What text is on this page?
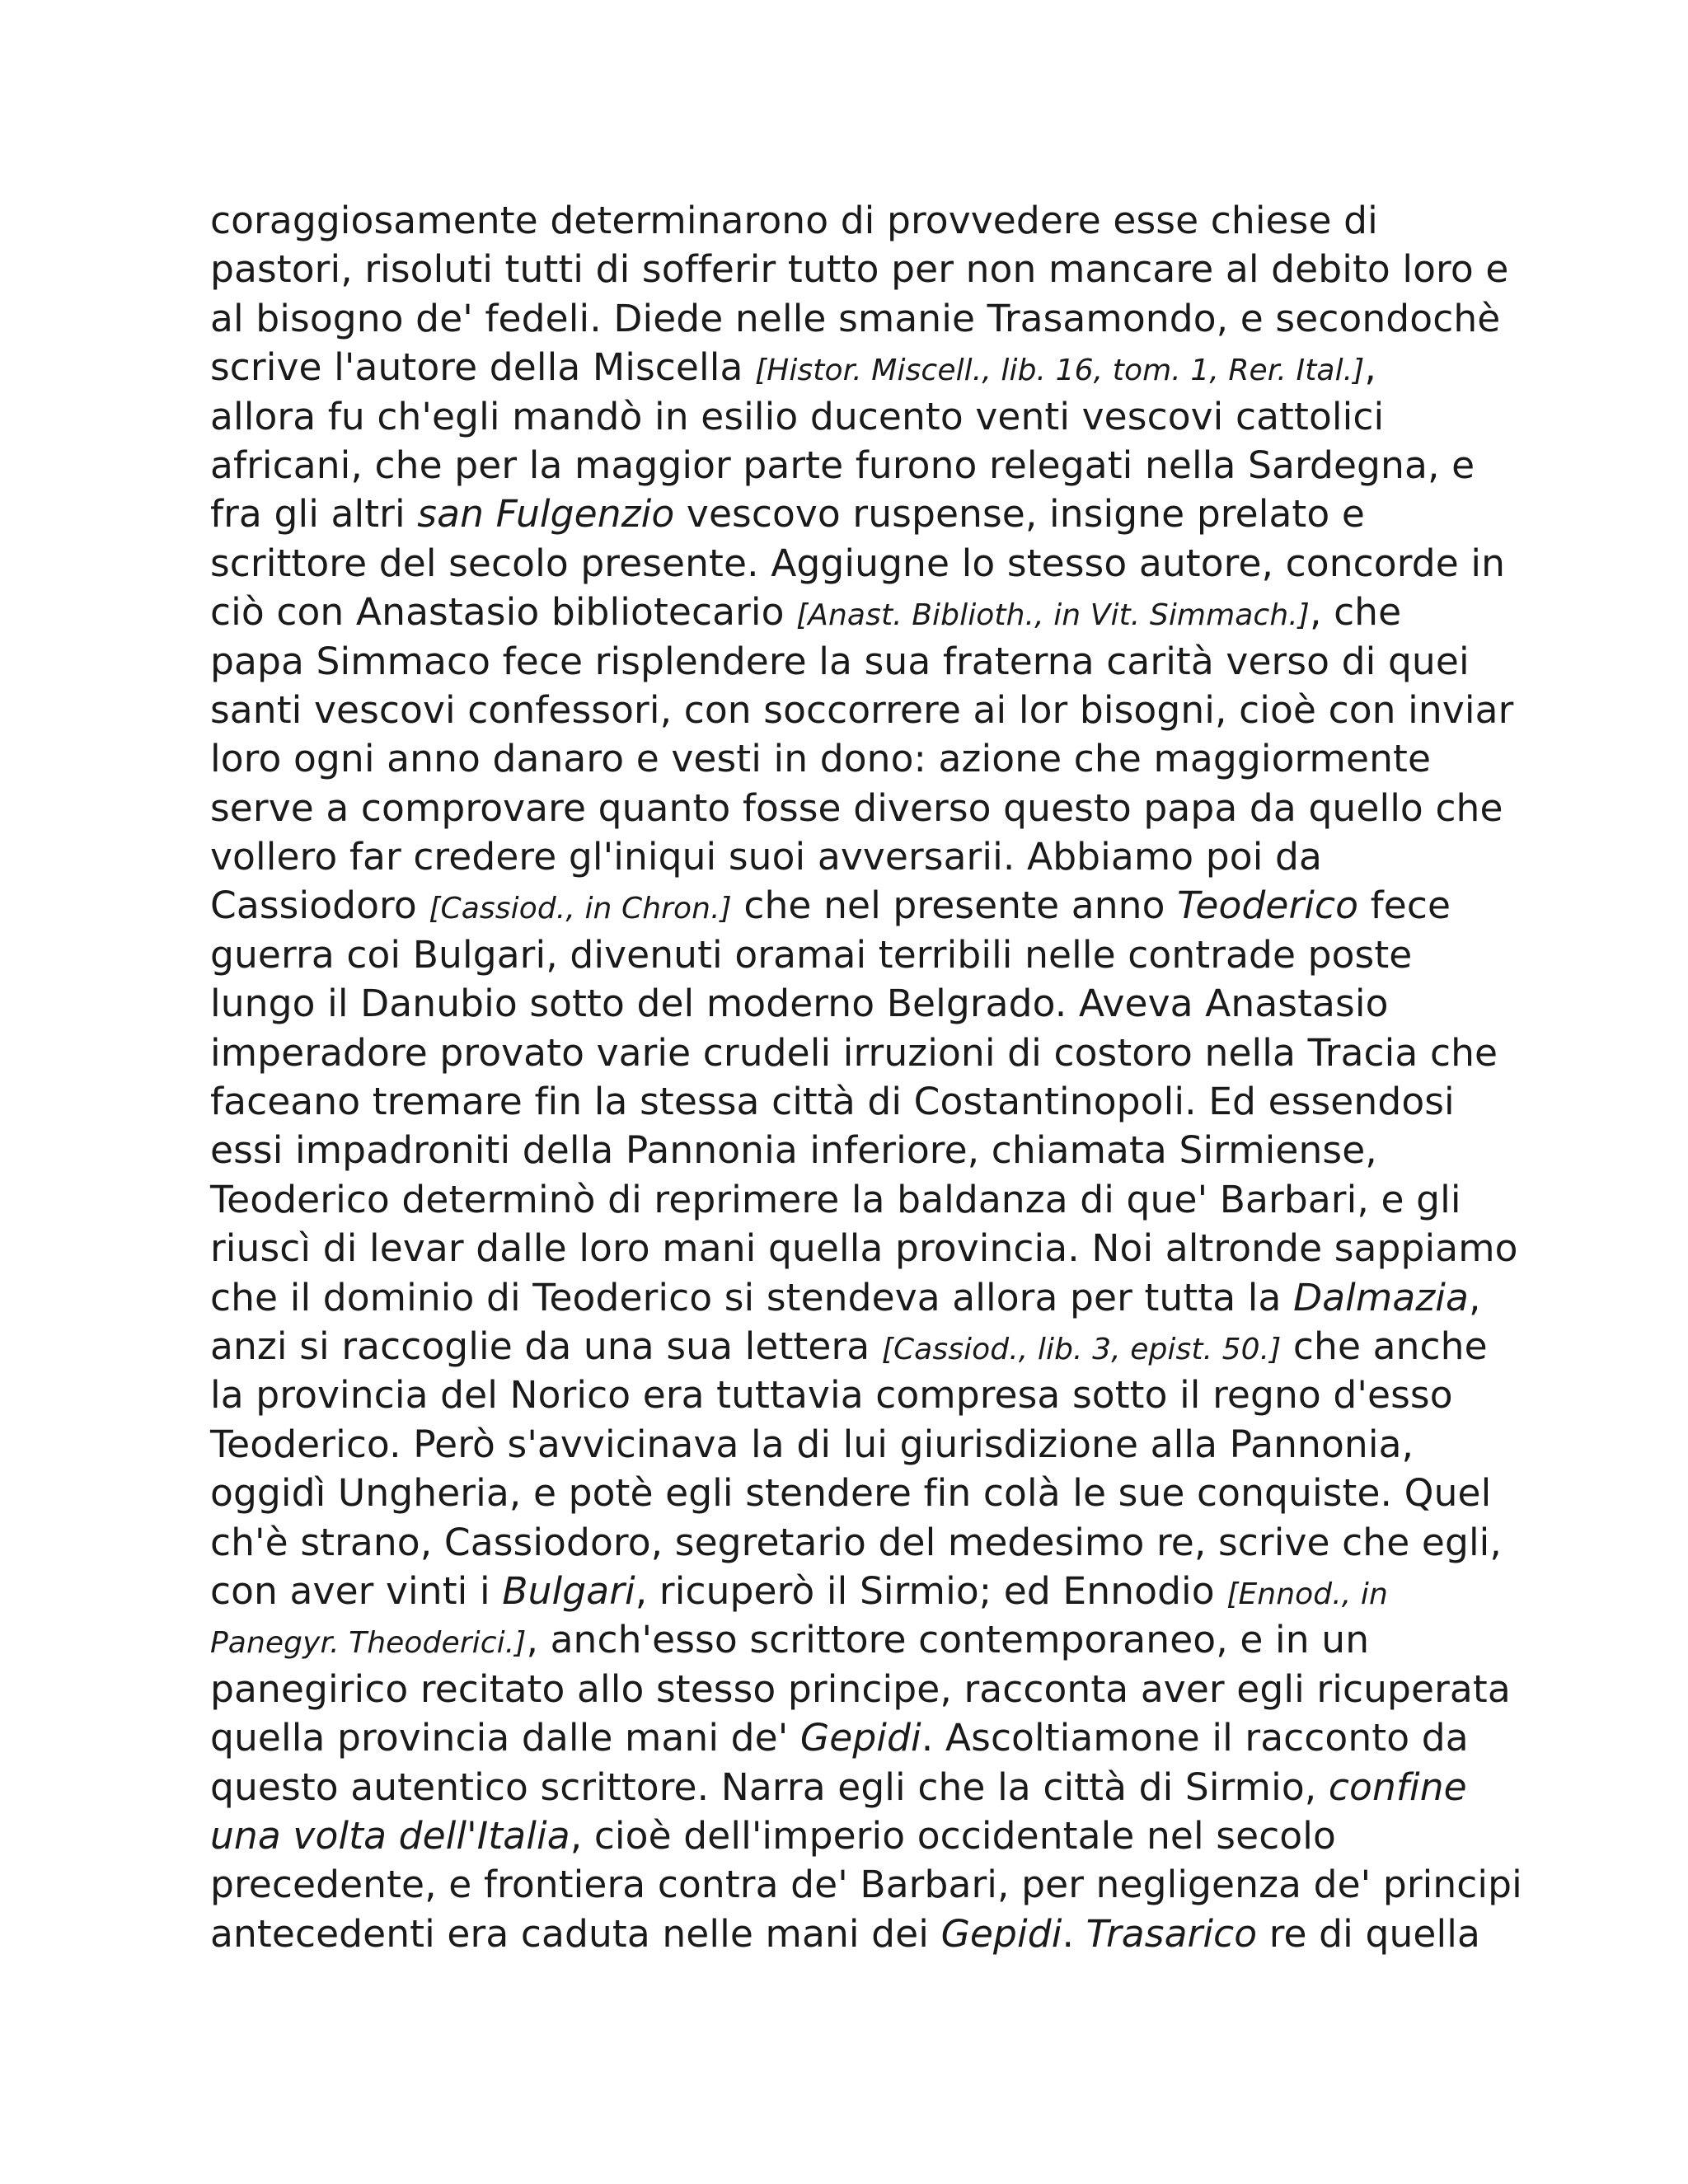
coraggiosamente determinarono di provvedere esse chiese di
pastori, risoluti tutti di sofferir tutto per non mancare al debito loro e
al bisogno de' fedeli. Diede nelle smanie Trasamondo, e secondochè
scrive l'autore della Miscella [Histor. Miscell., lib. 16, tom. 1, Rer. Ital.],
allora fu ch'egli mandò in esilio ducento venti vescovi cattolici
africani, che per la maggior parte furono relegati nella Sardegna, e
fra gli altri san Fulgenzio vescovo ruspense, insigne prelato e
scrittore del secolo presente. Aggiugne lo stesso autore, concorde in
ciò con Anastasio bibliotecario [Anast. Biblioth., in Vit. Simmach.], che
papa Simmaco fece risplendere la sua fraterna carità verso di quei
santi vescovi confessori, con soccorrere ai lor bisogni, cioè con inviar
loro ogni anno danaro e vesti in dono: azione che maggiormente
serve a comprovare quanto fosse diverso questo papa da quello che
vollero far credere gl'iniqui suoi avversarii. Abbiamo poi da
Cassiodoro [Cassiod., in Chron.] che nel presente anno Teoderico fece
guerra coi Bulgari, divenuti oramai terribili nelle contrade poste
lungo il Danubio sotto del moderno Belgrado. Aveva Anastasio
imperadore provato varie crudeli irruzioni di costoro nella Tracia che
faceano tremare fin la stessa città di Costantinopoli. Ed essendosi
essi impadroniti della Pannonia inferiore, chiamata Sirmiense,
Teoderico determinò di reprimere la baldanza di que' Barbari, e gli
riuscì di levar dalle loro mani quella provincia. Noi altronde sappiamo
che il dominio di Teoderico si stendeva allora per tutta la Dalmazia,
anzi si raccoglie da una sua lettera [Cassiod., lib. 3, epist. 50.] che anche
la provincia del Norico era tuttavia compresa sotto il regno d'esso
Teoderico. Però s'avvicinava la di lui giurisdizione alla Pannonia,
oggidì Ungheria, e potè egli stendere fin colà le sue conquiste. Quel
ch'è strano, Cassiodoro, segretario del medesimo re, scrive che egli,
con aver vinti i Bulgari, ricuperò il Sirmio; ed Ennodio [Ennod., in
Panegyr. Theoderici.], anch'esso scrittore contemporaneo, e in un
panegirico recitato allo stesso principe, racconta aver egli ricuperata
quella provincia dalle mani de' Gepidi. Ascoltiamone il racconto da
questo autentico scrittore. Narra egli che la città di Sirmio, confine
una volta dell'Italia, cioè dell'imperio occidentale nel secolo
precedente, e frontiera contra de' Barbari, per negligenza de' principi
antecedenti era caduta nelle mani dei Gepidi. Trasarico re di quella
